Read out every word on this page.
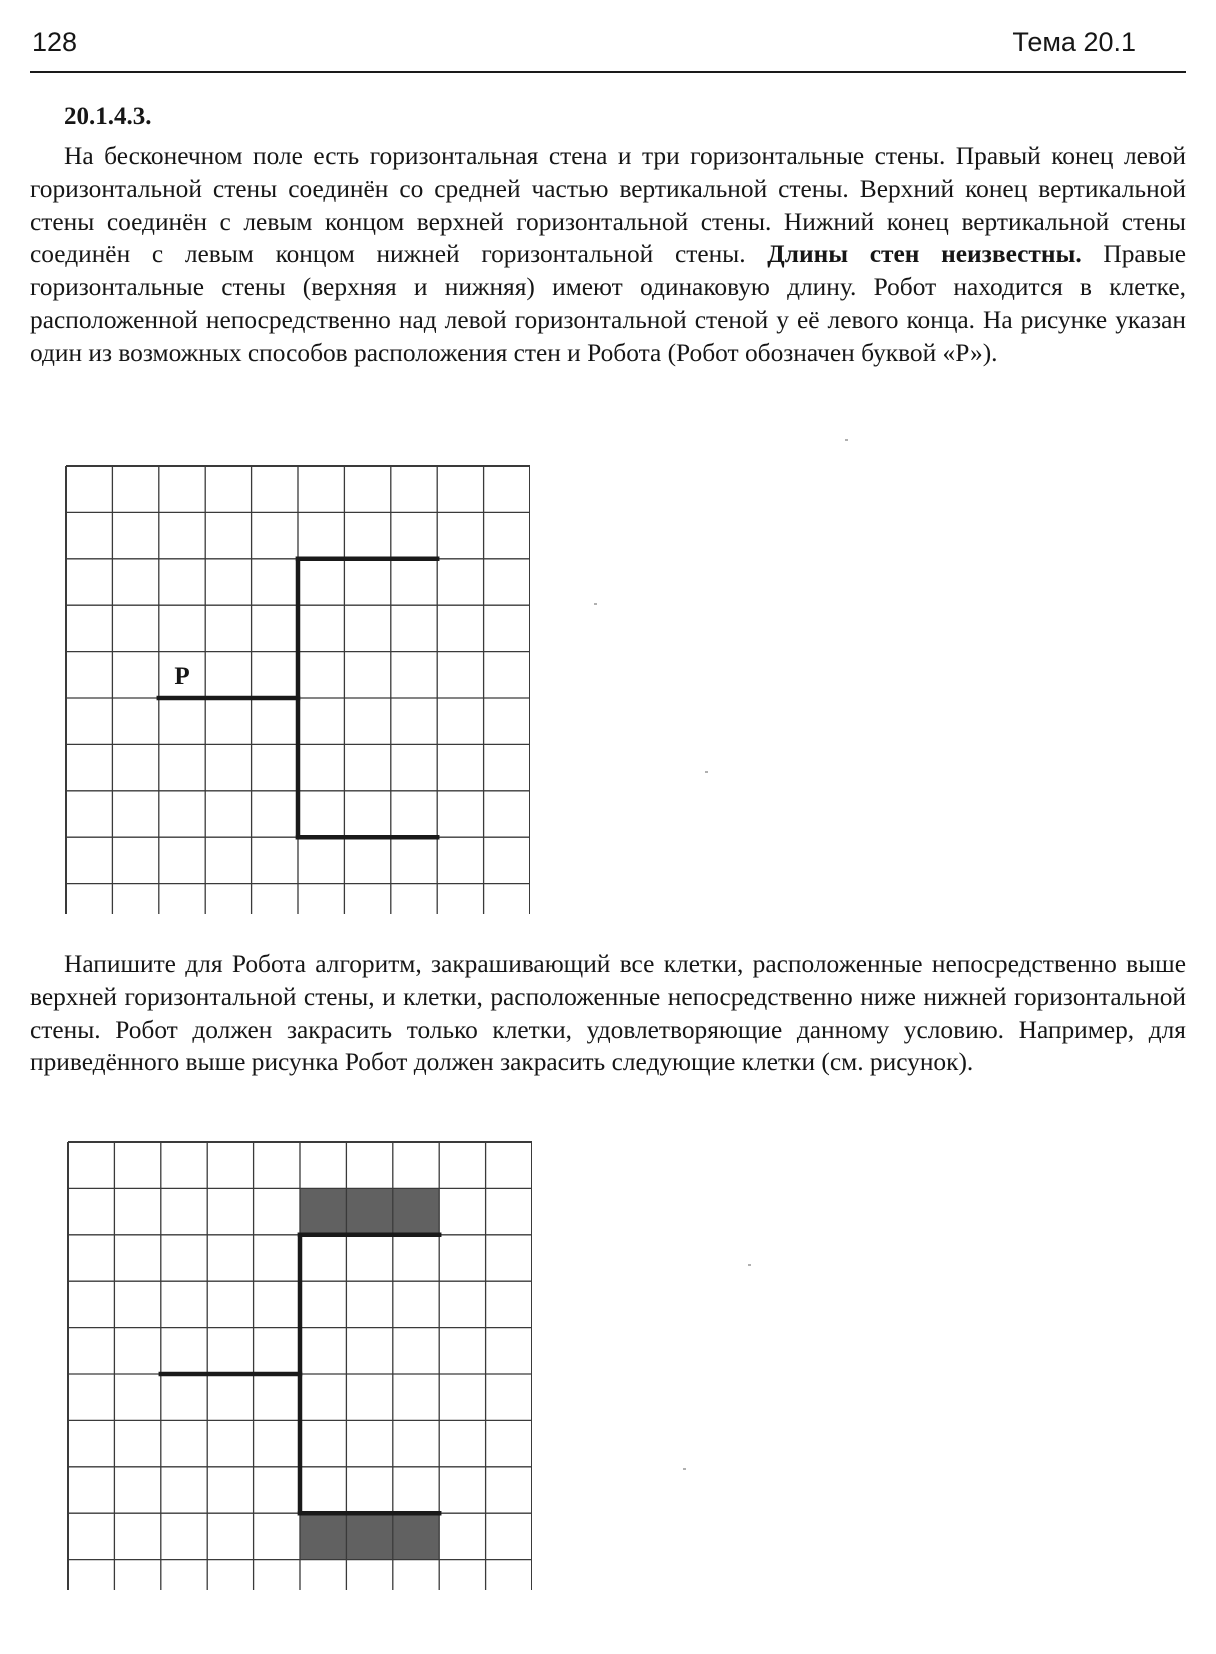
128	Тема 20.1
20.1.4.3.

На бесконечном поле есть горизонтальная стена и три горизонтальные стены. Правый конец левой горизонтальной стены соединён со средней частью вертикальной стены. Верхний конец вертикальной стены соединён с левым концом верхней горизонтальной стены. Нижний конец вертикальной стены соединён с левым концом нижней горизонтальной стены. Длины стен неизвестны. Правые горизонтальные стены (верхняя и нижняя) имеют одинаковую длину. Робот находится в клетке, расположенной непосредственно над левой горизонтальной стеной у её левого конца. На рисунке указан один из возможных способов расположения стен и Робота (Робот обозначен буквой «Р»).

Р

Напишите для Робота алгоритм, закрашивающий все клетки, расположенные непосредственно выше верхней горизонтальной стены, и клетки, расположенные непосредственно ниже нижней горизонтальной стены. Робот должен закрасить только клетки, удовлетворяющие данному условию. Например, для приведённого выше рисунка Робот должен закрасить следующие клетки (см. рисунок).
